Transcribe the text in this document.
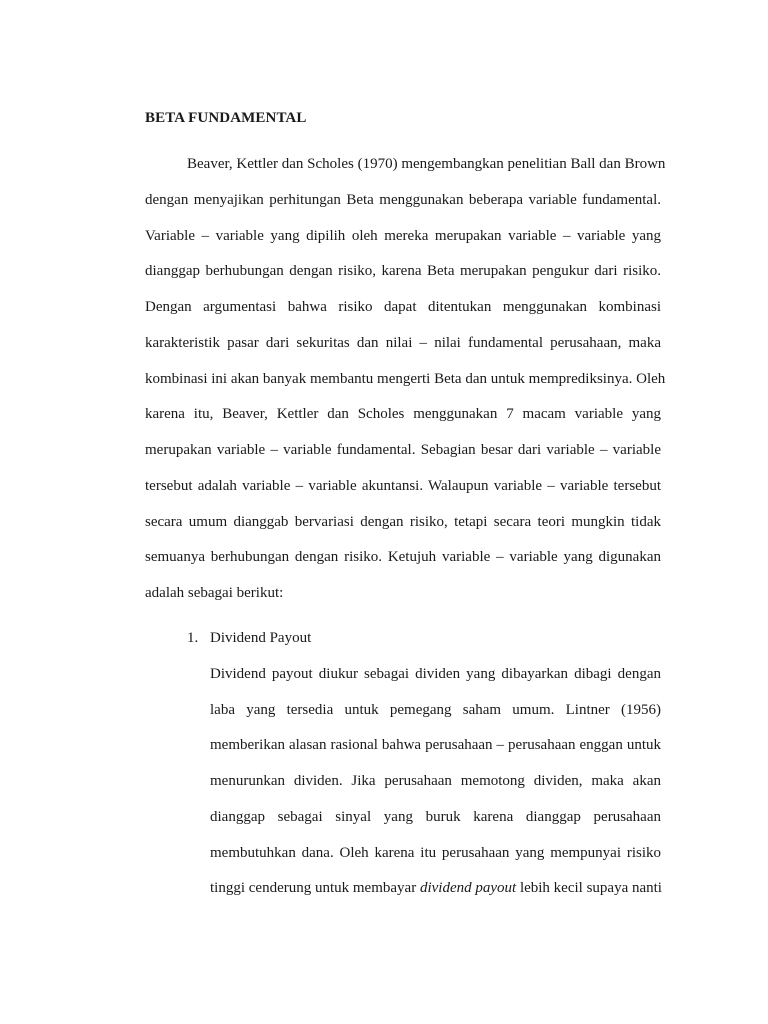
BETA FUNDAMENTAL
Beaver, Kettler dan Scholes (1970) mengembangkan penelitian Ball dan Brown
dengan menyajikan perhitungan Beta menggunakan beberapa variable fundamental.
Variable – variable yang dipilih oleh mereka merupakan variable – variable yang
dianggap berhubungan dengan risiko, karena Beta merupakan pengukur dari risiko.
Dengan argumentasi bahwa risiko dapat ditentukan menggunakan kombinasi
karakteristik pasar dari sekuritas dan nilai – nilai fundamental perusahaan, maka
kombinasi ini akan banyak membantu mengerti Beta dan untuk memprediksinya. Oleh
karena itu, Beaver, Kettler dan Scholes menggunakan 7 macam variable yang
merupakan variable – variable fundamental. Sebagian besar dari variable – variable
tersebut adalah variable – variable akuntansi. Walaupun variable – variable tersebut
secara umum dianggab bervariasi dengan risiko, tetapi secara teori mungkin tidak
semuanya berhubungan dengan risiko. Ketujuh variable – variable yang digunakan
adalah sebagai berikut:
1. Dividend Payout
Dividend payout diukur sebagai dividen yang dibayarkan dibagi dengan
laba yang tersedia untuk pemegang saham umum. Lintner (1956)
memberikan alasan rasional bahwa perusahaan – perusahaan enggan untuk
menurunkan dividen. Jika perusahaan memotong dividen, maka akan
dianggap sebagai sinyal yang buruk karena dianggap perusahaan
membutuhkan dana. Oleh karena itu perusahaan yang mempunyai risiko
tinggi cenderung untuk membayar dividend payout lebih kecil supaya nanti
